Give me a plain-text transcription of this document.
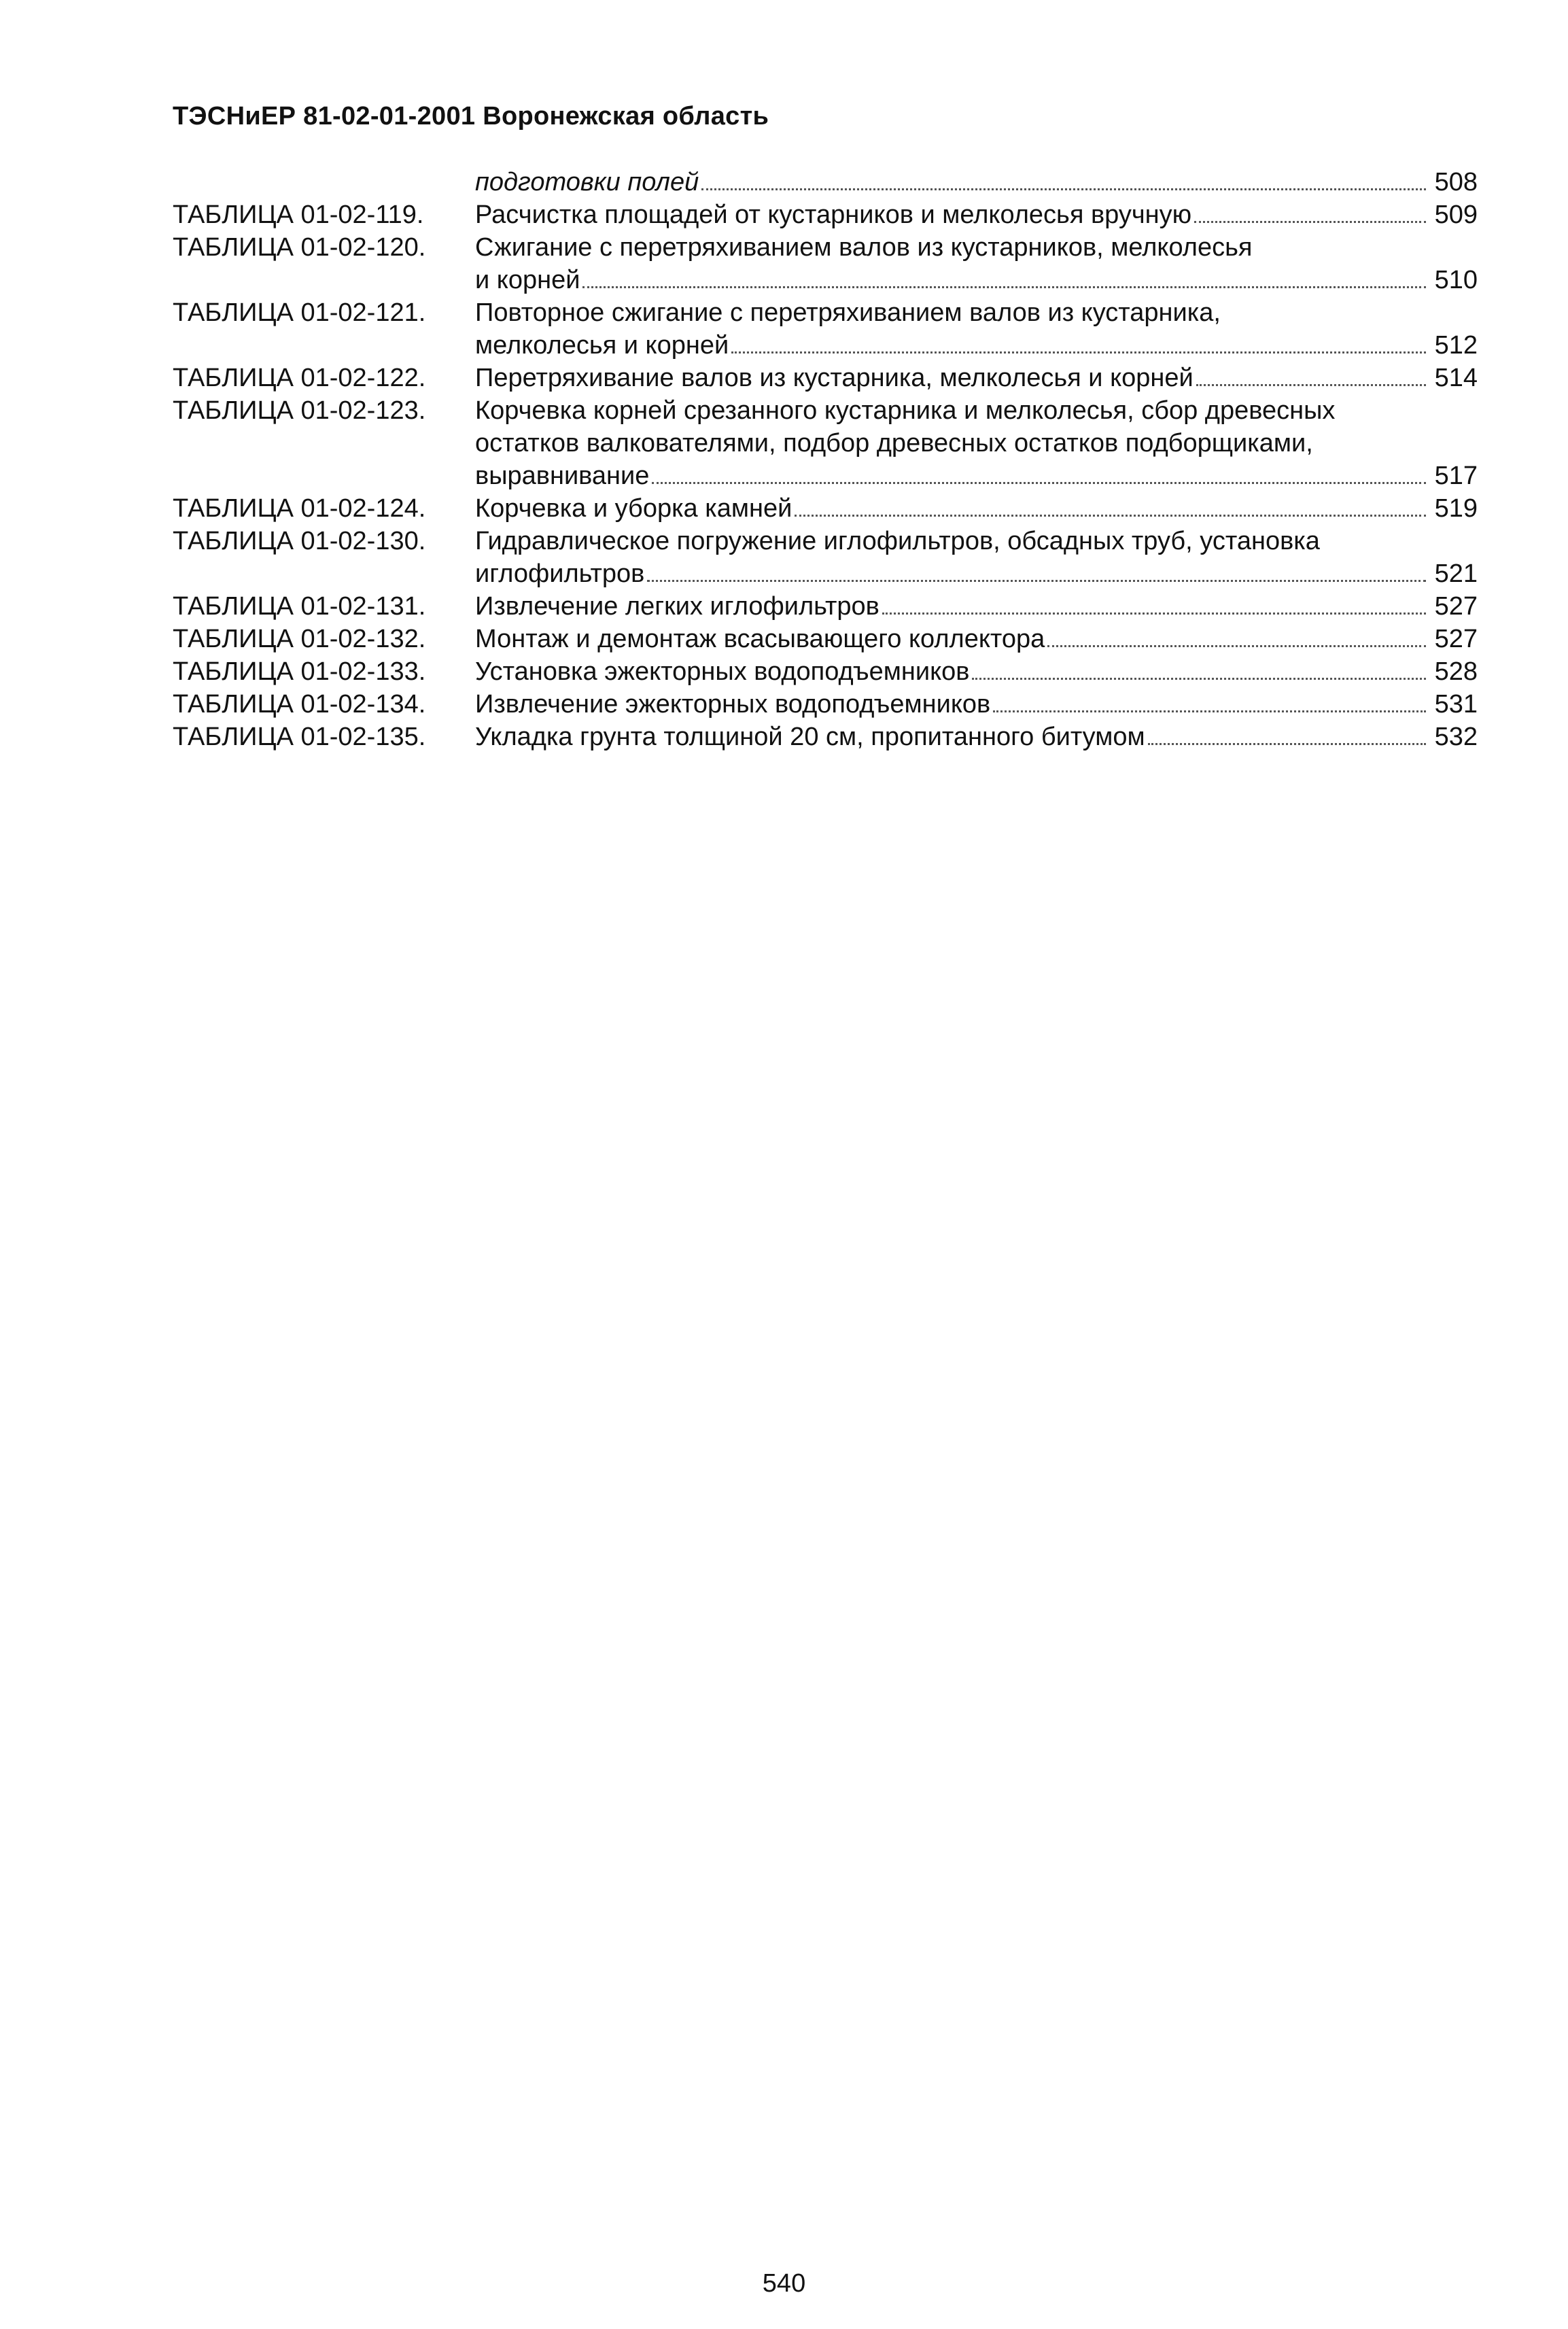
ТЭСНиЕР 81-02-01-2001 Воронежская область
подготовки полей	508
ТАБЛИЦА 01-02-119.	Расчистка площадей от кустарников и мелколесья вручную	509
ТАБЛИЦА 01-02-120.	Сжигание с перетряхиванием валов из кустарников, мелколесья
и корней	510
ТАБЛИЦА 01-02-121.	Повторное сжигание с перетряхиванием валов из кустарника,
мелколесья и корней	512
ТАБЛИЦА 01-02-122.	Перетряхивание валов из кустарника, мелколесья и корней	514
ТАБЛИЦА 01-02-123.	Корчевка корней срезанного кустарника и мелколесья, сбор древесных
остатков валкователями, подбор древесных остатков подборщиками,
выравнивание	517
ТАБЛИЦА 01-02-124.	Корчевка и уборка камней	519
ТАБЛИЦА 01-02-130.	Гидравлическое погружение иглофильтров, обсадных труб, установка
иглофильтров	521
ТАБЛИЦА 01-02-131.	Извлечение легких иглофильтров	527
ТАБЛИЦА 01-02-132.	Монтаж и демонтаж всасывающего коллектора	527
ТАБЛИЦА 01-02-133.	Установка эжекторных водоподъемников	528
ТАБЛИЦА 01-02-134.	Извлечение эжекторных водоподъемников	531
ТАБЛИЦА 01-02-135.	Укладка грунта толщиной 20 см, пропитанного битумом	532
540
